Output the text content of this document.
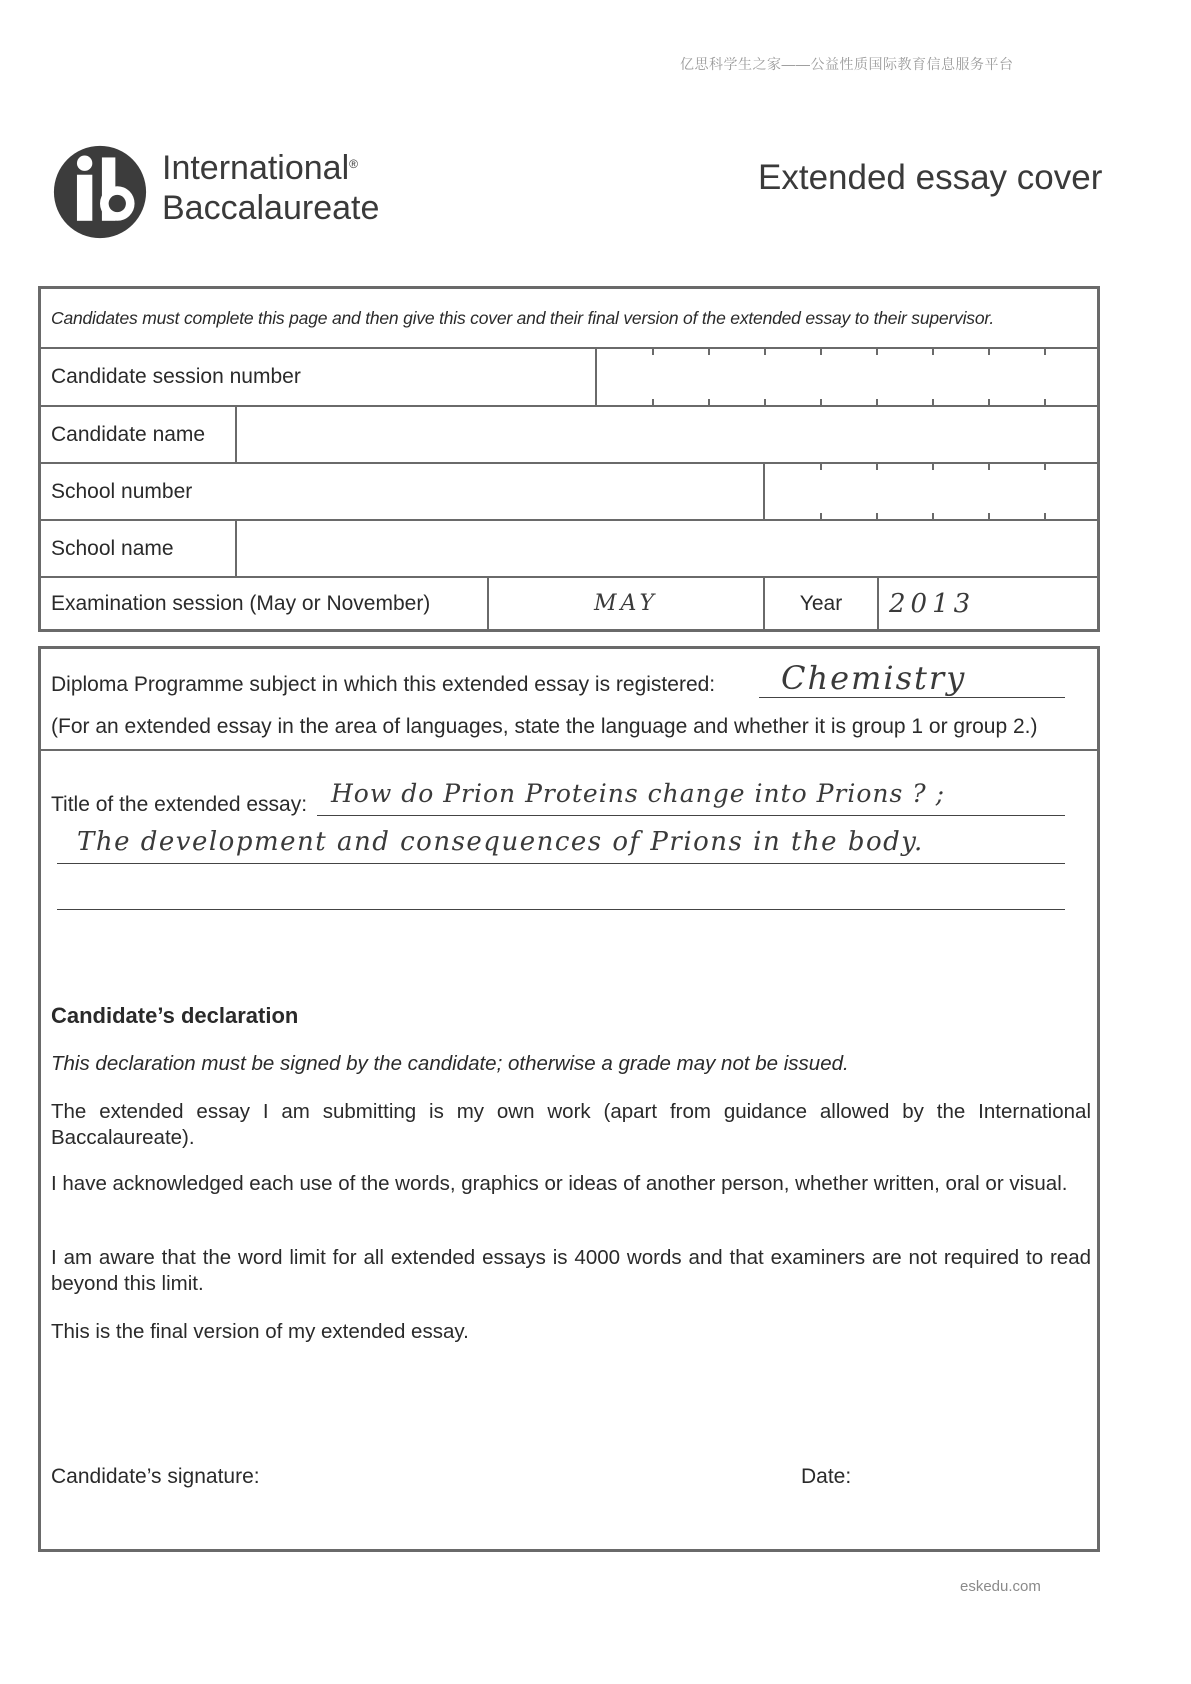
亿思科学生之家——公益性质国际教育信息服务平台
International®
Baccalaureate
Extended essay cover
Candidates must complete this page and then give this cover and their final version of the extended essay to their supervisor.
Candidate session number
Candidate name
School number
School name
Examination session (May or November)	MAY	Year	2013
Diploma Programme subject in which this extended essay is registered: Chemistry
(For an extended essay in the area of languages, state the language and whether it is group 1 or group 2.)
Title of the extended essay: How do Prion Proteins change into Prions ? ;
The development and consequences of Prions in the body.
Candidate’s declaration
This declaration must be signed by the candidate; otherwise a grade may not be issued.
The extended essay I am submitting is my own work (apart from guidance allowed by the International Baccalaureate).
I have acknowledged each use of the words, graphics or ideas of another person, whether written, oral or visual.
I am aware that the word limit for all extended essays is 4000 words and that examiners are not required to read beyond this limit.
This is the final version of my extended essay.
Candidate’s signature:	Date:
eskedu.com
